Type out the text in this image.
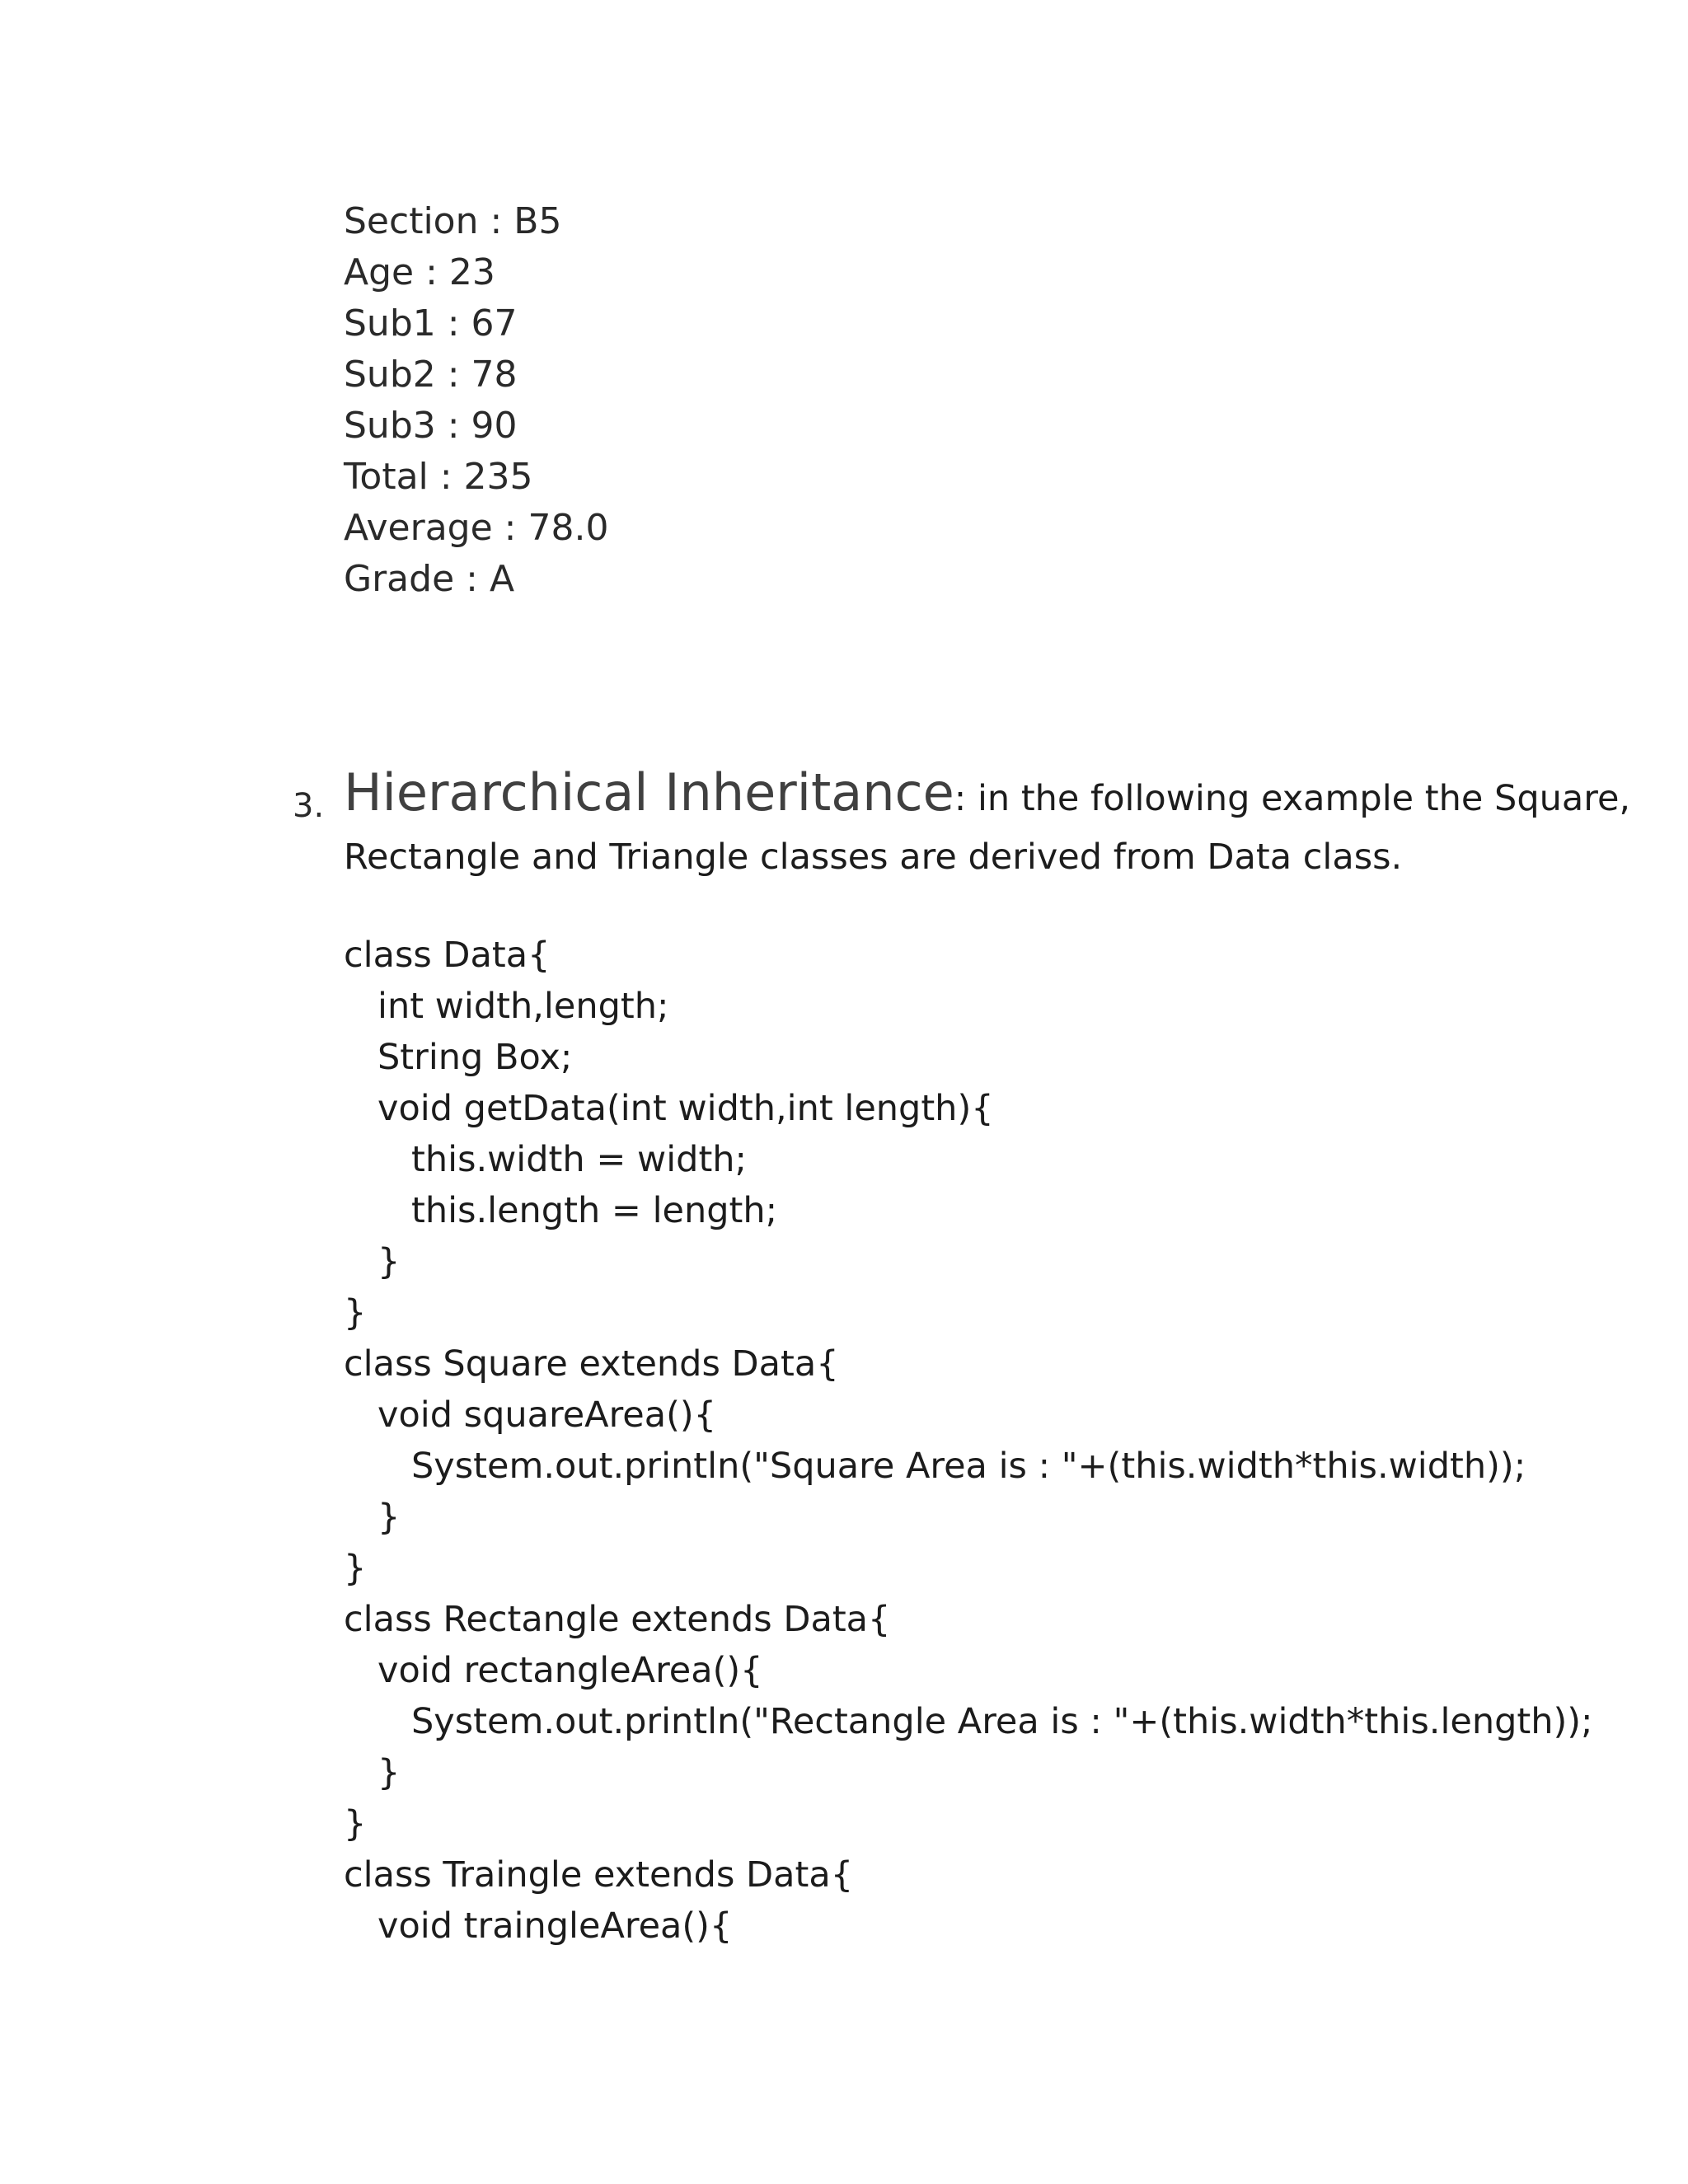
Section : B5
Age : 23
Sub1 : 67
Sub2 : 78
Sub3 : 90
Total : 235
Average : 78.0
Grade : A
3. Hierarchical Inheritance: in the following example the Square,
Rectangle and Triangle classes are derived from Data class.
class Data{
int width,length;
String Box;
void getData(int width,int length){
this.width = width;
this.length = length;
}
}
class Square extends Data{
void squareArea(){
System.out.println("Square Area is : "+(this.width*this.width));
}
}
class Rectangle extends Data{
void rectangleArea(){
System.out.println("Rectangle Area is : "+(this.width*this.length));
}
}
class Traingle extends Data{
void traingleArea(){
